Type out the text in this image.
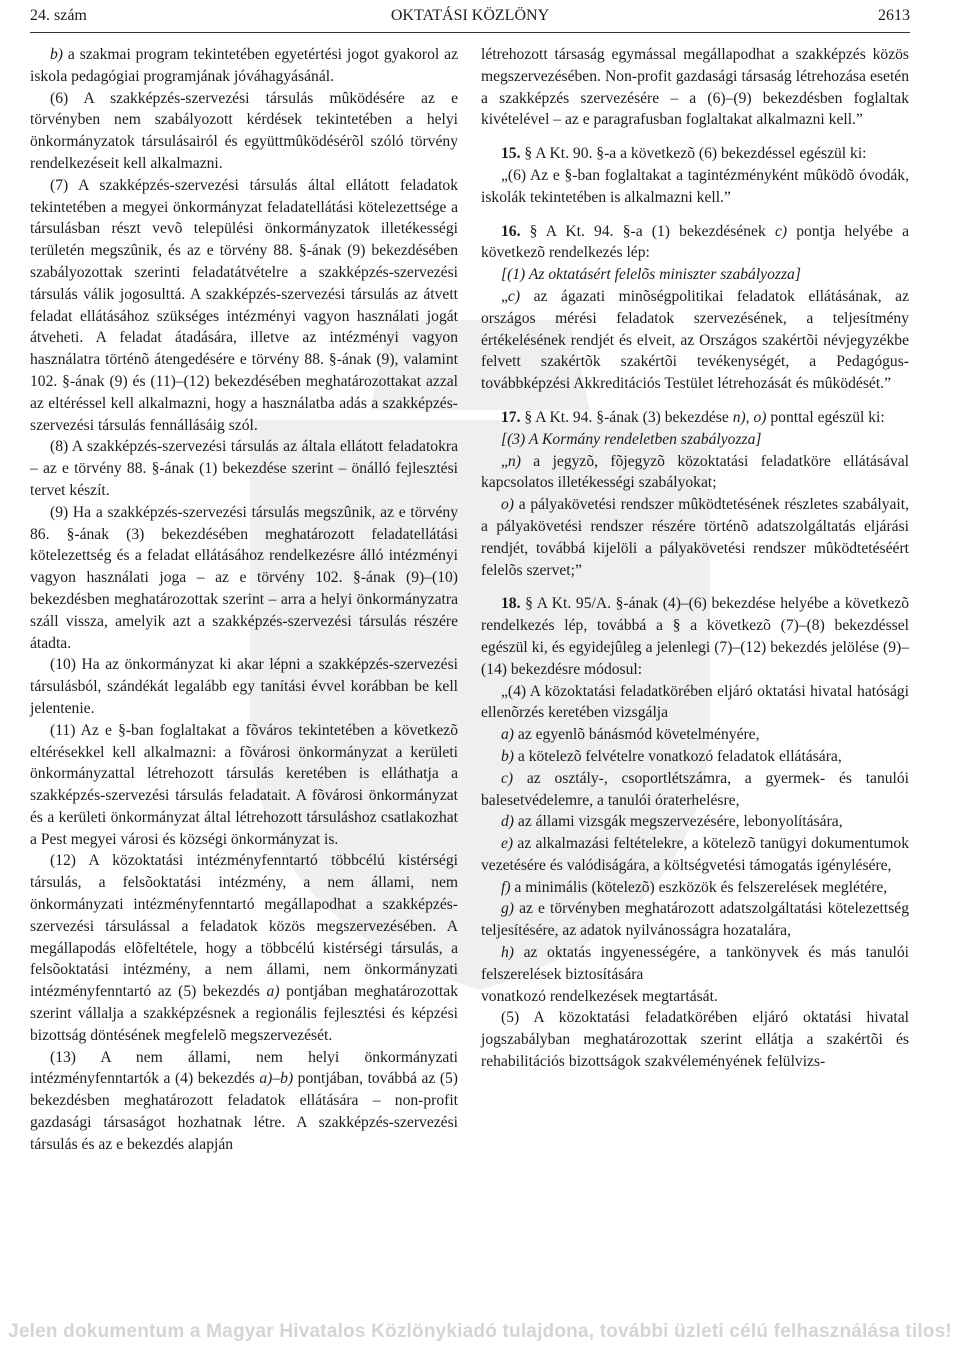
24. szám	OKTATÁSI KÖZLÖNY	2613

b) a szakmai program tekintetében egyetértési jogot gyakorol az iskola pedagógiai programjának jóváhagyásánál.

(6) A szakképzés-szervezési társulás mûködésére az e törvényben nem szabályozott kérdések tekintetében a helyi önkormányzatok társulásairól és együttmûködésérõl szóló törvény rendelkezéseit kell alkalmazni.

(7) A szakképzés-szervezési társulás által ellátott feladatok tekintetében a megyei önkormányzat feladatellátási kötelezettsége a társulásban részt vevõ települési önkormányzatok illetékességi területén megszûnik, és az e törvény 88. §-ának (9) bekezdésében szabályozottak szerinti feladatátvételre a szakképzés-szervezési társulás válik jogosulttá. A szakképzés-szervezési társulás az átvett feladat ellátásához szükséges intézményi vagyon használati jogát átveheti. A feladat átadására, illetve az intézményi vagyon használatra történõ átengedésére e törvény 88. §-ának (9), valamint 102. §-ának (9) és (11)–(12) bekezdésében meghatározottakat azzal az eltéréssel kell alkalmazni, hogy a használatba adás a szakképzés-szervezési társulás fennállásáig szól.

(8) A szakképzés-szervezési társulás az általa ellátott feladatokra – az e törvény 88. §-ának (1) bekezdése szerint – önálló fejlesztési tervet készít.

(9) Ha a szakképzés-szervezési társulás megszûnik, az e törvény 86. §-ának (3) bekezdésében meghatározott feladatellátási kötelezettség és a feladat ellátásához rendelkezésre álló intézményi vagyon használati joga – az e törvény 102. §-ának (9)–(10) bekezdésben meghatározottak szerint – arra a helyi önkormányzatra száll vissza, amelyik azt a szakképzés-szervezési társulás részére átadta.

(10) Ha az önkormányzat ki akar lépni a szakképzés-szervezési társulásból, szándékát legalább egy tanítási évvel korábban be kell jelentenie.

(11) Az e §-ban foglaltakat a fõváros tekintetében a következõ eltérésekkel kell alkalmazni: a fõvárosi önkormányzat a kerületi önkormányzattal létrehozott társulás keretében is elláthatja a szakképzés-szervezési társulás feladatait. A fõvárosi önkormányzat és a kerületi önkormányzat által létrehozott társuláshoz csatlakozhat a Pest megyei városi és községi önkormányzat is.

(12) A közoktatási intézményfenntartó többcélú kistérségi társulás, a felsõoktatási intézmény, a nem állami, nem önkormányzati intézményfenntartó megállapodhat a szakképzés-szervezési társulással a feladatok közös megszervezésében. A megállapodás elõfeltétele, hogy a többcélú kistérségi társulás, a felsõoktatási intézmény, a nem állami, nem önkormányzati intézményfenntartó az (5) bekezdés a) pontjában meghatározottak szerint vállalja a szakképzésnek a regionális fejlesztési és képzési bizottság döntésének megfelelõ megszervezését.

(13) A nem állami, nem helyi önkormányzati intézményfenntartók a (4) bekezdés a)–b) pontjában, továbbá az (5) bekezdésben meghatározott feladatok ellátására – non-profit gazdasági társaságot hozhatnak létre. A szakképzés-szervezési társulás és az e bekezdés alapján

létrehozott társaság egymással megállapodhat a szakképzés közös megszervezésében. Non-profit gazdasági társaság létrehozása esetén a szakképzés szervezésére – a (6)–(9) bekezdésben foglaltak kivételével – az e paragrafusban foglaltakat alkalmazni kell.”

15. § A Kt. 90. §-a a következõ (6) bekezdéssel egészül ki:

„(6) Az e §-ban foglaltakat a tagintézményként mûködõ óvodák, iskolák tekintetében is alkalmazni kell.”

16. § A Kt. 94. §-a (1) bekezdésének c) pontja helyébe a következõ rendelkezés lép:

[(1) Az oktatásért felelõs miniszter szabályozza]

„c) az ágazati minõségpolitikai feladatok ellátásának, az országos mérési feladatok szervezésének, a teljesítmény értékelésének rendjét és elveit, az Országos szakértõi névjegyzékbe felvett szakértõk szakértõi tevékenységét, a Pedagógus-továbbképzési Akkreditációs Testület létrehozását és mûködését.”

17. § A Kt. 94. §-ának (3) bekezdése n), o) ponttal egészül ki:

[(3) A Kormány rendeletben szabályozza]

„n) a jegyzõ, fõjegyzõ közoktatási feladatköre ellátásával kapcsolatos illetékességi szabályokat;

o) a pályakövetési rendszer mûködtetésének részletes szabályait, a pályakövetési rendszer részére történõ adatszolgáltatás eljárási rendjét, továbbá kijelöli a pályakövetési rendszer mûködtetéséért felelõs szervet;”

18. § A Kt. 95/A. §-ának (4)–(6) bekezdése helyébe a következõ rendelkezés lép, továbbá a § a következõ (7)–(8) bekezdéssel egészül ki, és egyidejûleg a jelenlegi (7)–(12) bekezdés jelölése (9)–(14) bekezdésre módosul:

„(4) A közoktatási feladatkörében eljáró oktatási hivatal hatósági ellenõrzés keretében vizsgálja

a) az egyenlõ bánásmód követelményére,

b) a kötelezõ felvételre vonatkozó feladatok ellátására,

c) az osztály-, csoportlétszámra, a gyermek- és tanulói balesetvédelemre, a tanulói óraterhelésre,

d) az állami vizsgák megszervezésére, lebonyolítására,

e) az alkalmazási feltételekre, a kötelezõ tanügyi dokumentumok vezetésére és valódiságára, a költségvetési támogatás igénylésére,

f) a minimális (kötelezõ) eszközök és felszerelések meglétére,

g) az e törvényben meghatározott adatszolgáltatási kötelezettség teljesítésére, az adatok nyilvánosságra hozatalára,

h) az oktatás ingyenességére, a tankönyvek és más tanulói felszerelések biztosítására

vonatkozó rendelkezések megtartását.

(5) A közoktatási feladatkörében eljáró oktatási hivatal jogszabályban meghatározottak szerint ellátja a szakértõi és rehabilitációs bizottságok szakvéleményének felülvizs-

Jelen dokumentum a Magyar Hivatalos Közlönykiadó tulajdona, további üzleti célú felhasználása tilos!
